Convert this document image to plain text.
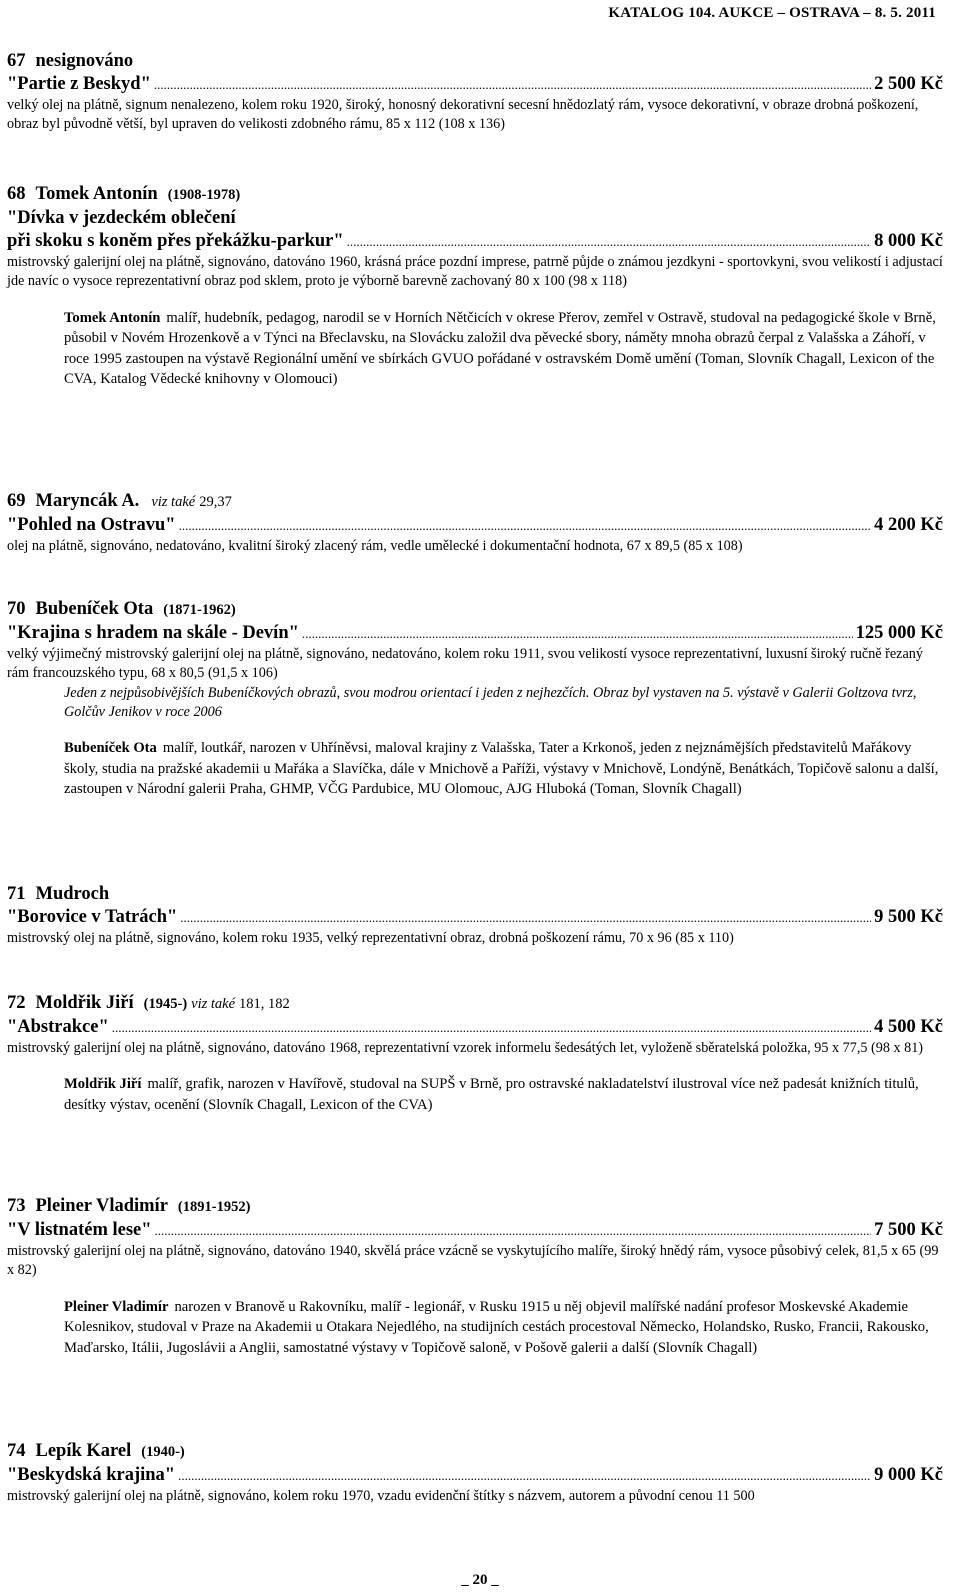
KATALOG 104. AUKCE – OSTRAVA – 8. 5. 2011
67 nesignováno
"Partie z Beskyd" .....	2 500 Kč

velký olej na plátně, signum nenalezeno, kolem roku 1920, široký, honosný dekorativní secesní hnědozlatý rám, vysoce dekorativní, v obraze drobná poškození, obraz byl původně větší, byl upraven do velikosti zdobného rámu, 85 x 112 (108 x 136)

68 Tomek Antonín (1908-1978)
"Dívka v jezdeckém oblečení
při skoku s koněm přes překážku-parkur" .....	8 000 Kč

mistrovský galerijní olej na plátně, signováno, datováno 1960, krásná práce pozdní imprese, patrně půjde o známou jezdkyni - sportovkyni, svou velikostí i adjustací jde navíc o vysoce reprezentativní obraz pod sklem, proto je výborně barevně zachovaný 80 x 100 (98 x 118)

Tomek Antonín malíř, hudebník, pedagog, narodil se v Horních Nětčicích v okrese Přerov, zemřel v Ostravě, studoval na pedagogické škole v Brně, působil v Novém Hrozenkově a v Týnci na Břeclavsku, na Slovácku založil dva pěvecké sbory, náměty mnoha obrazů čerpal z Valašska a Záhoří, v roce 1995 zastoupen na výstavě Regionální umění ve sbírkách GVUO pořádané v ostravském Domě umění (Toman, Slovník Chagall, Lexicon of the CVA, Katalog Vědecké knihovny v Olomouci)

69 Maryncák A. viz také 29,37
"Pohled na Ostravu" .....	4 200 Kč

olej na plátně, signováno, nedatováno, kvalitní široký zlacený rám, vedle umělecké i dokumentační hodnota, 67 x 89,5 (85 x 108)

70 Bubeníček Ota (1871-1962)
"Krajina s hradem na skále - Devín" .....	125 000 Kč

velký výjimečný mistrovský galerijní olej na plátně, signováno, nedatováno, kolem roku 1911, svou velikostí vysoce reprezentativní, luxusní široký ručně řezaný rám francouzského typu, 68 x 80,5 (91,5 x 106)

Jeden z nejpůsobivějších Bubeníčkových obrazů, svou modrou orientací i jeden z nejhezčích. Obraz byl vystaven na 5. výstavě v Galerii Goltzova tvrz, Golčův Jenikov v roce 2006

Bubeníček Ota malíř, loutkář, narozen v Uhříněvsi, maloval krajiny z Valašska, Tater a Krkonoš, jeden z nejznámějších představitelů Mařákovy školy, studia na pražské akademii u Mařáka a Slavíčka, dále v Mnichově a Paříži, výstavy v Mnichově, Londýně, Benátkách, Topičově salonu a další, zastoupen v Národní galerii Praha, GHMP, VČG Pardubice, MU Olomouc, AJG Hluboká (Toman, Slovník Chagall)

71 Mudroch
"Borovice v Tatrách" .....	9 500 Kč

mistrovský olej na plátně, signováno, kolem roku 1935, velký reprezentativní obraz, drobná poškození rámu, 70 x 96 (85 x 110)

72 Moldřik Jiří (1945-) viz také 181, 182
"Abstrakce" .....	4 500 Kč

mistrovský galerijní olej na plátně, signováno, datováno 1968, reprezentativní vzorek informelu šedesátých let, vyloženě sběratelská položka, 95 x 77,5 (98 x 81)

Moldřik Jiří malíř, grafik, narozen v Havířově, studoval na SUPŠ v Brně, pro ostravské nakladatelství ilustroval více než padesát knižních titulů, desítky výstav, ocenění (Slovník Chagall, Lexicon of the CVA)

73 Pleiner Vladimír (1891-1952)
"V listnatém lese" .....	7 500 Kč

mistrovský galerijní olej na plátně, signováno, datováno 1940, skvělá práce vzácně se vyskytujícího malíře, široký hnědý rám, vysoce působivý celek, 81,5 x 65 (99 x 82)

Pleiner Vladimír narozen v Branově u Rakovníku, malíř - legionář, v Rusku 1915 u něj objevil malířské nadání profesor Moskevské Akademie Kolesnikov, studoval v Praze na Akademii u Otakara Nejedlého, na studijních cestách procestoval Německo, Holandsko, Rusko, Francii, Rakousko, Maďarsko, Itálii, Jugoslávii a Anglii, samostatné výstavy v Topičově saloně, v Pošově galerii a další (Slovník Chagall)

74 Lepík Karel (1940-)
"Beskydská krajina" .....	9 000 Kč

mistrovský galerijní olej na plátně, signováno, kolem roku 1970, vzadu evidenční štítky s názvem, autorem a původní cenou 11 500

_ 20 _
